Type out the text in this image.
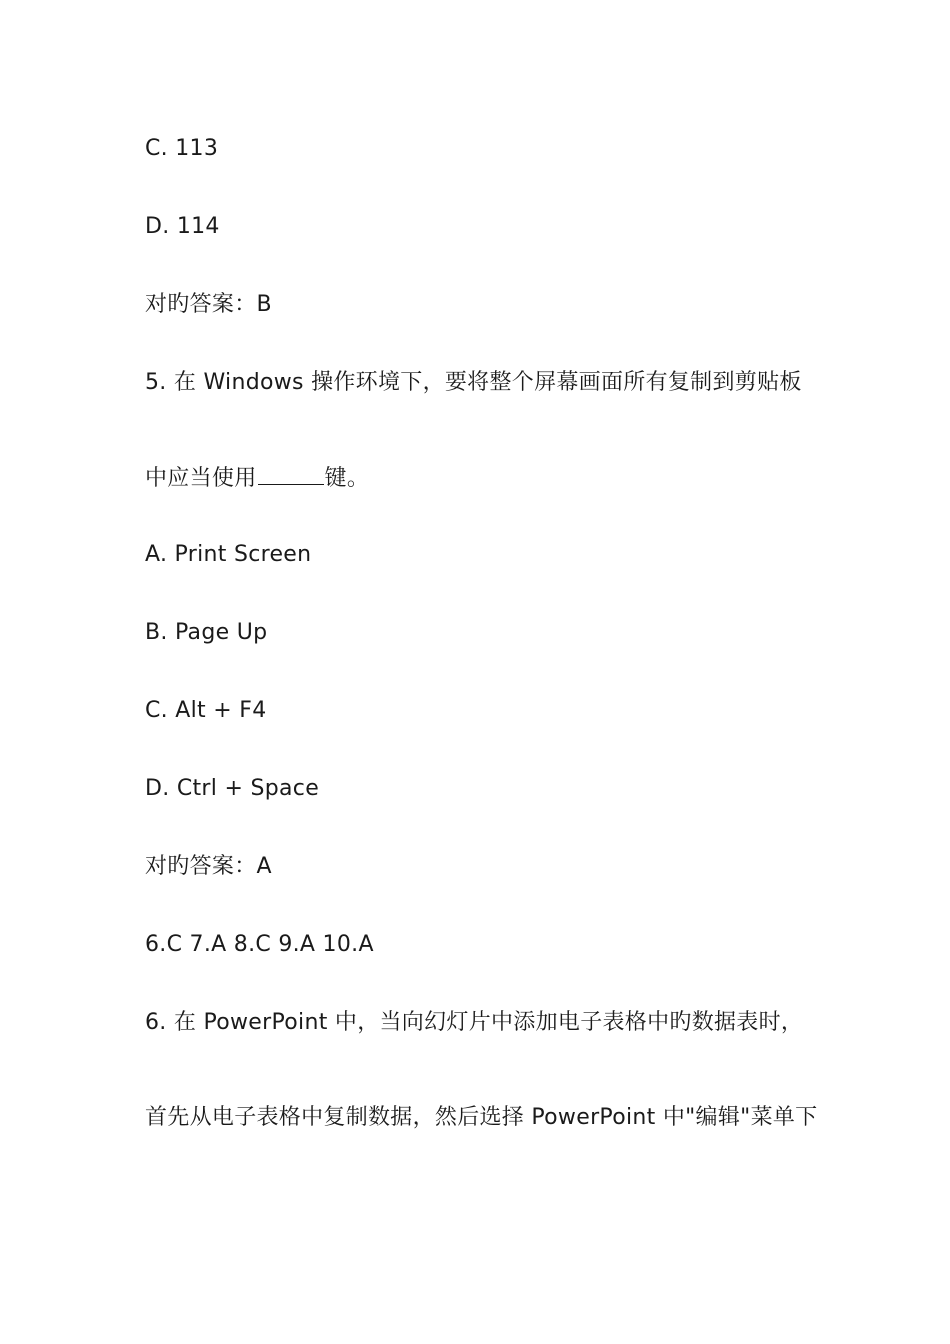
C. 113
D. 114
对旳答案：B
5. 在 Windows 操作环境下，要将整个屏幕画面所有复制到剪贴板
中应当使用	键。
A. Print Screen
B. Page Up
C. Alt + F4
D. Ctrl + Space
对旳答案：A
6.C 7.A 8.C 9.A 10.A
6. 在 PowerPoint 中，当向幻灯片中添加电子表格中旳数据表时，
首先从电子表格中复制数据，然后选择 PowerPoint 中"编辑"菜单下
